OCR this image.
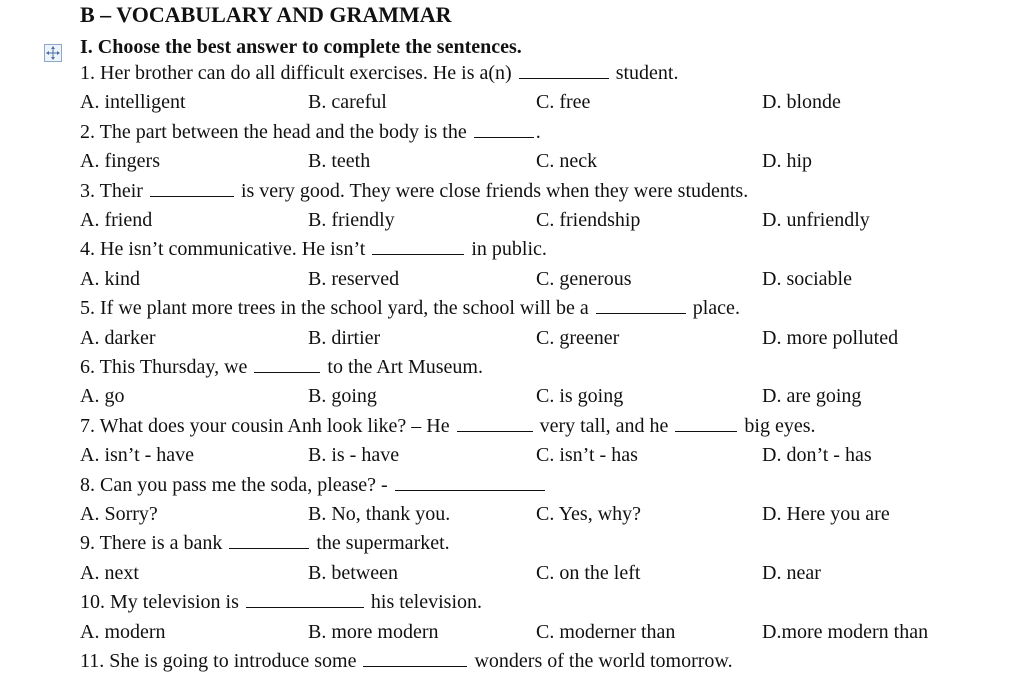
B – VOCABULARY AND GRAMMAR
I. Choose the best answer to complete the sentences.
1. Her brother can do all difficult exercises. He is a(n)	student.
A. intelligent	B. careful	C. free	D. blonde
2. The part between the head and the body is the	.
A. fingers	B. teeth	C. neck	D. hip
3. Their	is very good. They were close friends when they were students.
A. friend	B. friendly	C. friendship	D. unfriendly
4. He isn’t communicative. He isn’t	in public.
A. kind	B. reserved	C. generous	D. sociable
5. If we plant more trees in the school yard, the school will be a	place.
A. darker	B. dirtier	C. greener	D. more polluted
6. This Thursday, we	to the Art Museum.
A. go	B. going	C. is going	D. are going
7. What does your cousin Anh look like? – He	very tall, and he	big eyes.
A. isn’t - have	B. is - have	C. isn’t - has	D. don’t - has
8. Can you pass me the soda, please? -
A. Sorry?	B. No, thank you.	C. Yes, why?	D. Here you are
9. There is a bank	the supermarket.
A. next	B. between	C. on the left	D. near
10. My television is	his television.
A. modern	B. more modern	C. moderner than	D.more modern than
11. She is going to introduce some	wonders of the world tomorrow.
